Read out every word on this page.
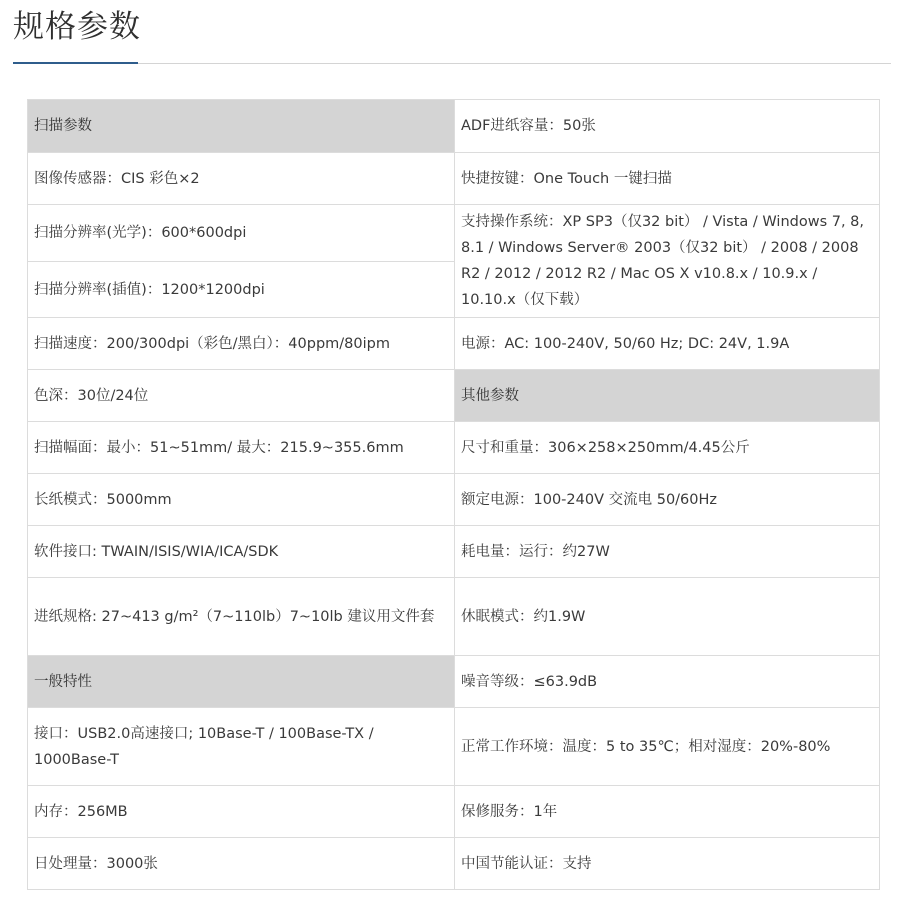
规格参数
扫描参数	ADF进纸容量：50张
图像传感器：CIS 彩色×2	快捷按键：One Touch 一键扫描
扫描分辨率(光学)：600*600dpi	支持操作系统：XP SP3（仅32 bit） / Vista / Windows 7, 8, 8.1 / Windows Server® 2003（仅32 bit） / 2008 / 2008 R2 / 2012 / 2012 R2 / Mac OS X v10.8.x / 10.9.x / 10.10.x（仅下载）
扫描分辨率(插值)：1200*1200dpi	
扫描速度：200/300dpi（彩色/黑白）：40ppm/80ipm	电源：AC: 100-240V, 50/60 Hz; DC: 24V, 1.9A
色深：30位/24位	其他参数
扫描幅面：最小：51~51mm/ 最大：215.9~355.6mm	尺寸和重量：306×258×250mm/4.45公斤
长纸模式：5000mm	额定电源：100-240V 交流电 50/60Hz
软件接口: TWAIN/ISIS/WIA/ICA/SDK	耗电量：运行：约27W
进纸规格: 27~413 g/m²（7~110lb）7~10lb 建议用文件套	休眠模式：约1.9W
一般特性	噪音等级：≤63.9dB
接口：USB2.0高速接口; 10Base-T / 100Base-TX / 1000Base-T	正常工作环境：温度：5 to 35℃；相对湿度：20%-80%
内存：256MB	保修服务：1年
日处理量：3000张	中国节能认证：支持
